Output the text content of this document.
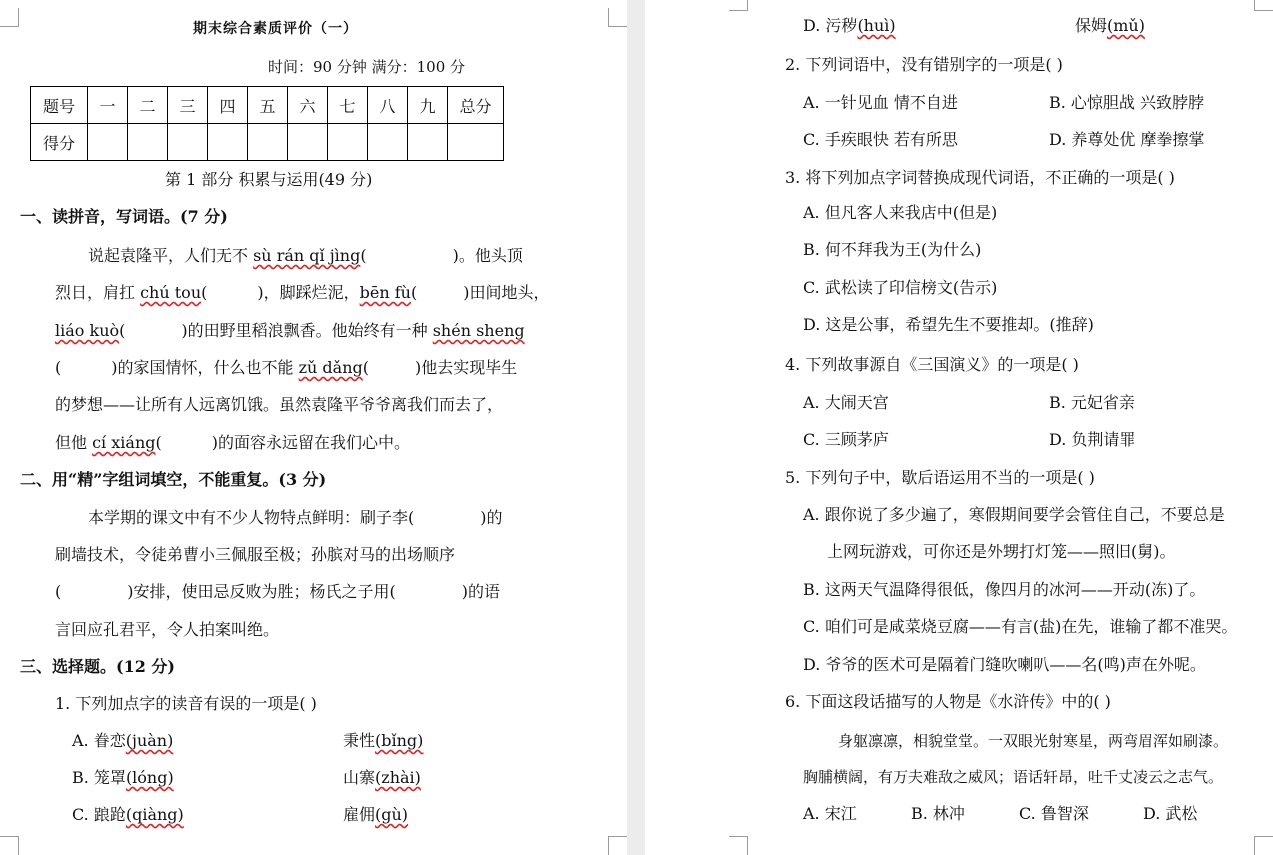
期末综合素质评价（一）
时间：90 分钟 满分：100 分
题号	一	二	三	四	五	六	七	八	九	总分
得分										
第 1 部分 积累与运用(49 分)
一、读拼音，写词语。(7 分)
说起袁隆平，人们无不 sù rán qǐ jìng(	)。他头顶
烈日，肩扛 chú tou(	)，脚踩烂泥，bēn fù(	)田间地头，
liáo kuò(	)的田野里稻浪飘香。他始终有一种 shén sheng
(	)的家国情怀，什么也不能 zǔ dǎng(	)他去实现毕生
的梦想——让所有人远离饥饿。虽然袁隆平爷爷离我们而去了，
但他 cí xiáng(	)的面容永远留在我们心中。
二、用“精”字组词填空，不能重复。(3 分)
本学期的课文中有不少人物特点鲜明：刷子李(	)的
刷墙技术，令徒弟曹小三佩服至极；孙膑对马的出场顺序
(	)安排，使田忌反败为胜；杨氏之子用(	)的语
言回应孔君平，令人拍案叫绝。
三、选择题。(12 分)
1. 下列加点字的读音有误的一项是( )
A. 眷恋(juàn)	秉性(bǐng)
B. 笼罩(lóng)	山寨(zhài)
C. 踉跄(qiàng)	雇佣(gù)
D. 污秽(huì)	保姆(mǔ)
2. 下列词语中，没有错别字的一项是( )
A. 一针见血 情不自进	B. 心惊胆战 兴致脖脖
C. 手疾眼快 若有所思	D. 养尊处优 摩拳擦掌
3. 将下列加点字词替换成现代词语，不正确的一项是( )
A. 但凡客人来我店中(但是)
B. 何不拜我为王(为什么)
C. 武松读了印信榜文(告示)
D. 这是公事，希望先生不要推却。(推辞)
4. 下列故事源自《三国演义》的一项是( )
A. 大闹天宫	B. 元妃省亲
C. 三顾茅庐	D. 负荆请罪
5. 下列句子中，歇后语运用不当的一项是( )
A. 跟你说了多少遍了，寒假期间要学会管住自己，不要总是
上网玩游戏，可你还是外甥打灯笼——照旧(舅)。
B. 这两天气温降得很低，像四月的冰河——开动(冻)了。
C. 咱们可是咸菜烧豆腐——有言(盐)在先，谁输了都不准哭。
D. 爷爷的医术可是隔着门缝吹喇叭——名(鸣)声在外呢。
6. 下面这段话描写的人物是《水浒传》中的( )
身躯凛凛，相貌堂堂。一双眼光射寒星，两弯眉浑如刷漆。
胸脯横阔，有万夫难敌之威风；语话轩昂，吐千丈凌云之志气。
A. 宋江	B. 林冲	C. 鲁智深	D. 武松
